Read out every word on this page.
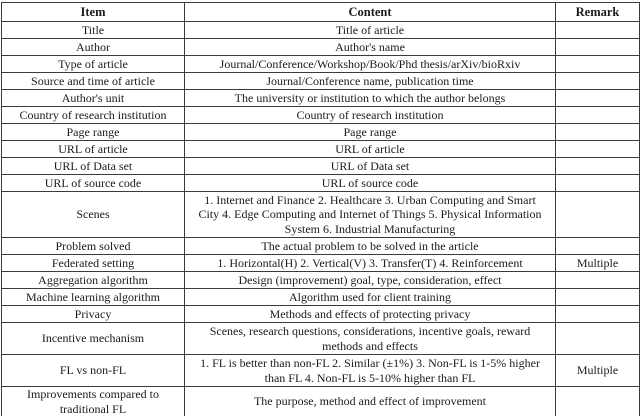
Item	Content	Remark
Title	Title of article	
Author	Author's name	
Type of article	Journal/Conference/Workshop/Book/Phd thesis/arXiv/bioRxiv	
Source and time of article	Journal/Conference name, publication time	
Author's unit	The university or institution to which the author belongs	
Country of research institution	Country of research institution	
Page range	Page range	
URL of article	URL of article	
URL of Data set	URL of Data set	
URL of source code	URL of source code	
Scenes	1. Internet and Finance 2. Healthcare 3. Urban Computing and Smart City 4. Edge Computing and Internet of Things 5. Physical Information System 6. Industrial Manufacturing	
Problem solved	The actual problem to be solved in the article	
Federated setting	1. Horizontal(H) 2. Vertical(V) 3. Transfer(T) 4. Reinforcement	Multiple
Aggregation algorithm	Design (improvement) goal, type, consideration, effect	
Machine learning algorithm	Algorithm used for client training	
Privacy	Methods and effects of protecting privacy	
Incentive mechanism	Scenes, research questions, considerations, incentive goals, reward methods and effects	
FL vs non-FL	1. FL is better than non-FL 2. Similar (±1%) 3. Non-FL is 1-5% higher than FL 4. Non-FL is 5-10% higher than FL	Multiple
Improvements compared to traditional FL	The purpose, method and effect of improvement	
